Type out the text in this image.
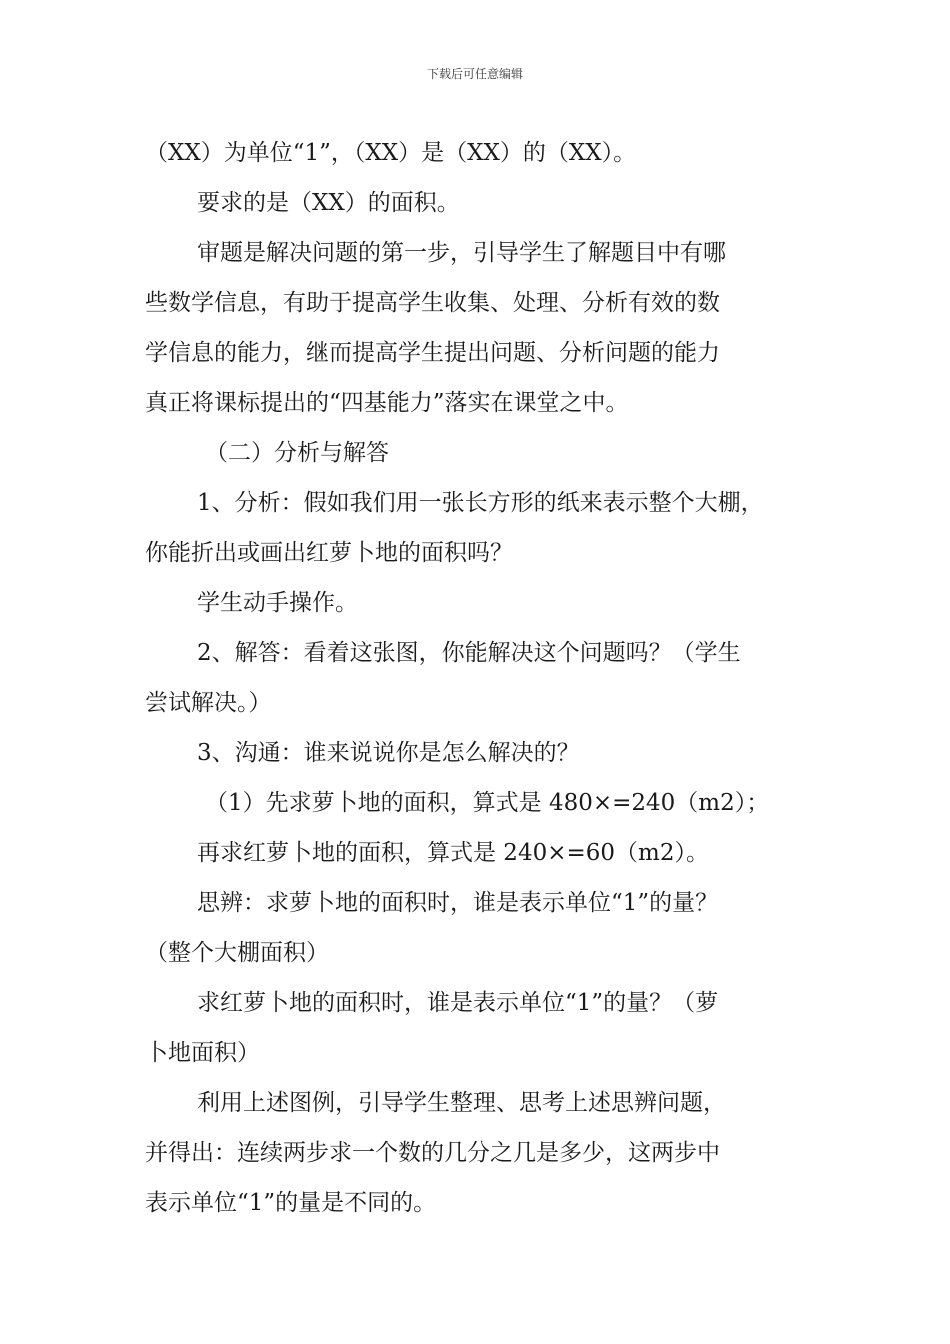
下载后可任意编辑

（XX）为单位“1”，（XX）是（XX）的（XX）。

要求的是（XX）的面积。

审题是解决问题的第一步，引导学生了解题目中有哪

些数学信息，有助于提高学生收集、处理、分析有效的数

学信息的能力，继而提高学生提出问题、分析问题的能力

真正将课标提出的“四基能力”落实在课堂之中。

（二）分析与解答

1、分析：假如我们用一张长方形的纸来表示整个大棚，

你能折出或画出红萝卜地的面积吗？

学生动手操作。

2、解答：看着这张图，你能解决这个问题吗？（学生

尝试解决。）

3、沟通：谁来说说你是怎么解决的？

（1）先求萝卜地的面积，算式是 480×=240（m2）；

再求红萝卜地的面积，算式是 240×=60（m2）。

思辨：求萝卜地的面积时，谁是表示单位“1”的量？

（整个大棚面积）

求红萝卜地的面积时，谁是表示单位“1”的量？（萝

卜地面积）

利用上述图例，引导学生整理、思考上述思辨问题，

并得出：连续两步求一个数的几分之几是多少，这两步中

表示单位“1”的量是不同的。
